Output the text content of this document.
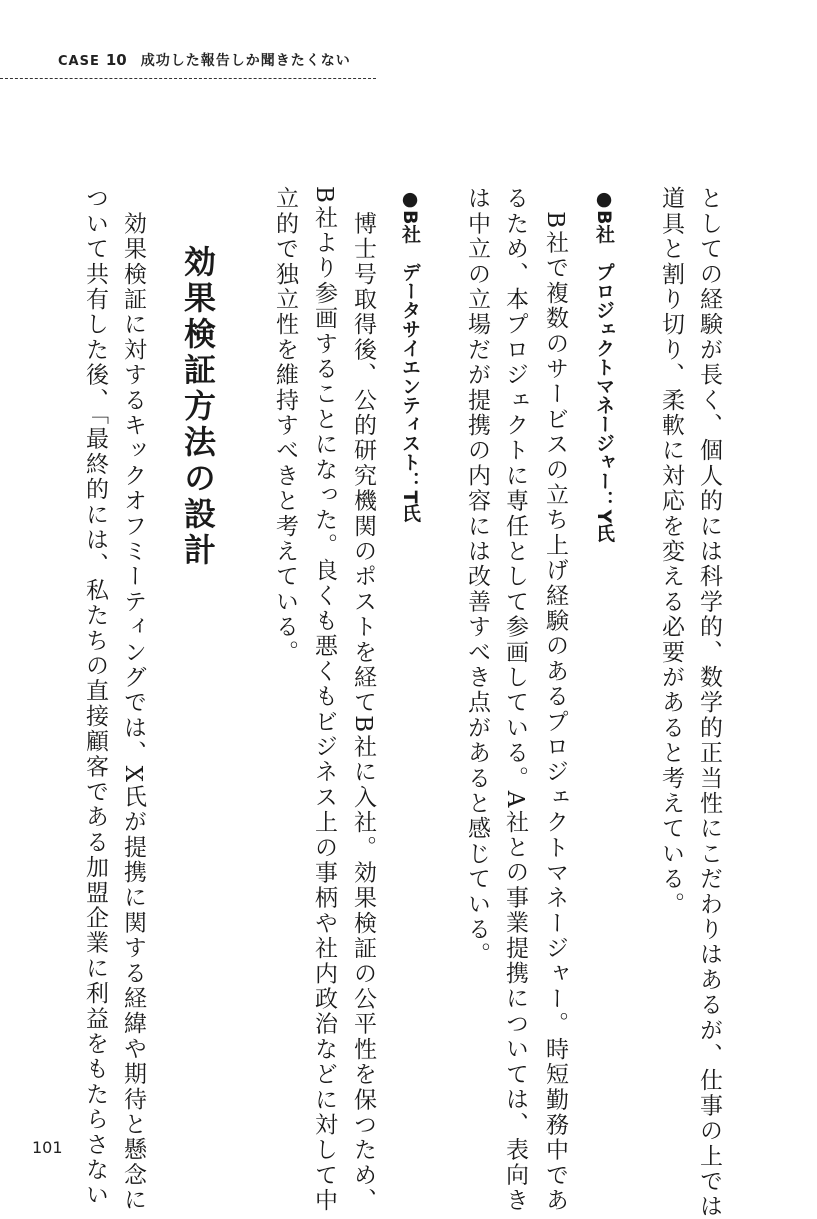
CASE 10 成功した報告しか聞きたくない
としての経験が長く、個人的には科学的、数学的正当性にこだわりはあるが、仕事の上では
道具と割り切り、柔軟に対応を変える必要があると考えている。
●B社　プロジェクトマネージャー：Y氏
　B社で複数のサービスの立ち上げ経験のあるプロジェクトマネージャー。時短勤務中であ
るため、本プロジェクトに専任として参画している。A社との事業提携については、表向き
は中立の立場だが提携の内容には改善すべき点があると感じている。
●B社　データサイエンティスト：T氏
　博士号取得後、公的研究機関のポストを経てB社に入社。効果検証の公平性を保つため、
B社より参画することになった。良くも悪くもビジネス上の事柄や社内政治などに対して中
立的で独立性を維持すべきと考えている。
効果検証方法の設計
　効果検証に対するキックオフミーティングでは、X氏が提携に関する経緯や期待と懸念に
ついて共有した後、「最終的には、私たちの直接顧客である加盟企業に利益をもたらさない
101
